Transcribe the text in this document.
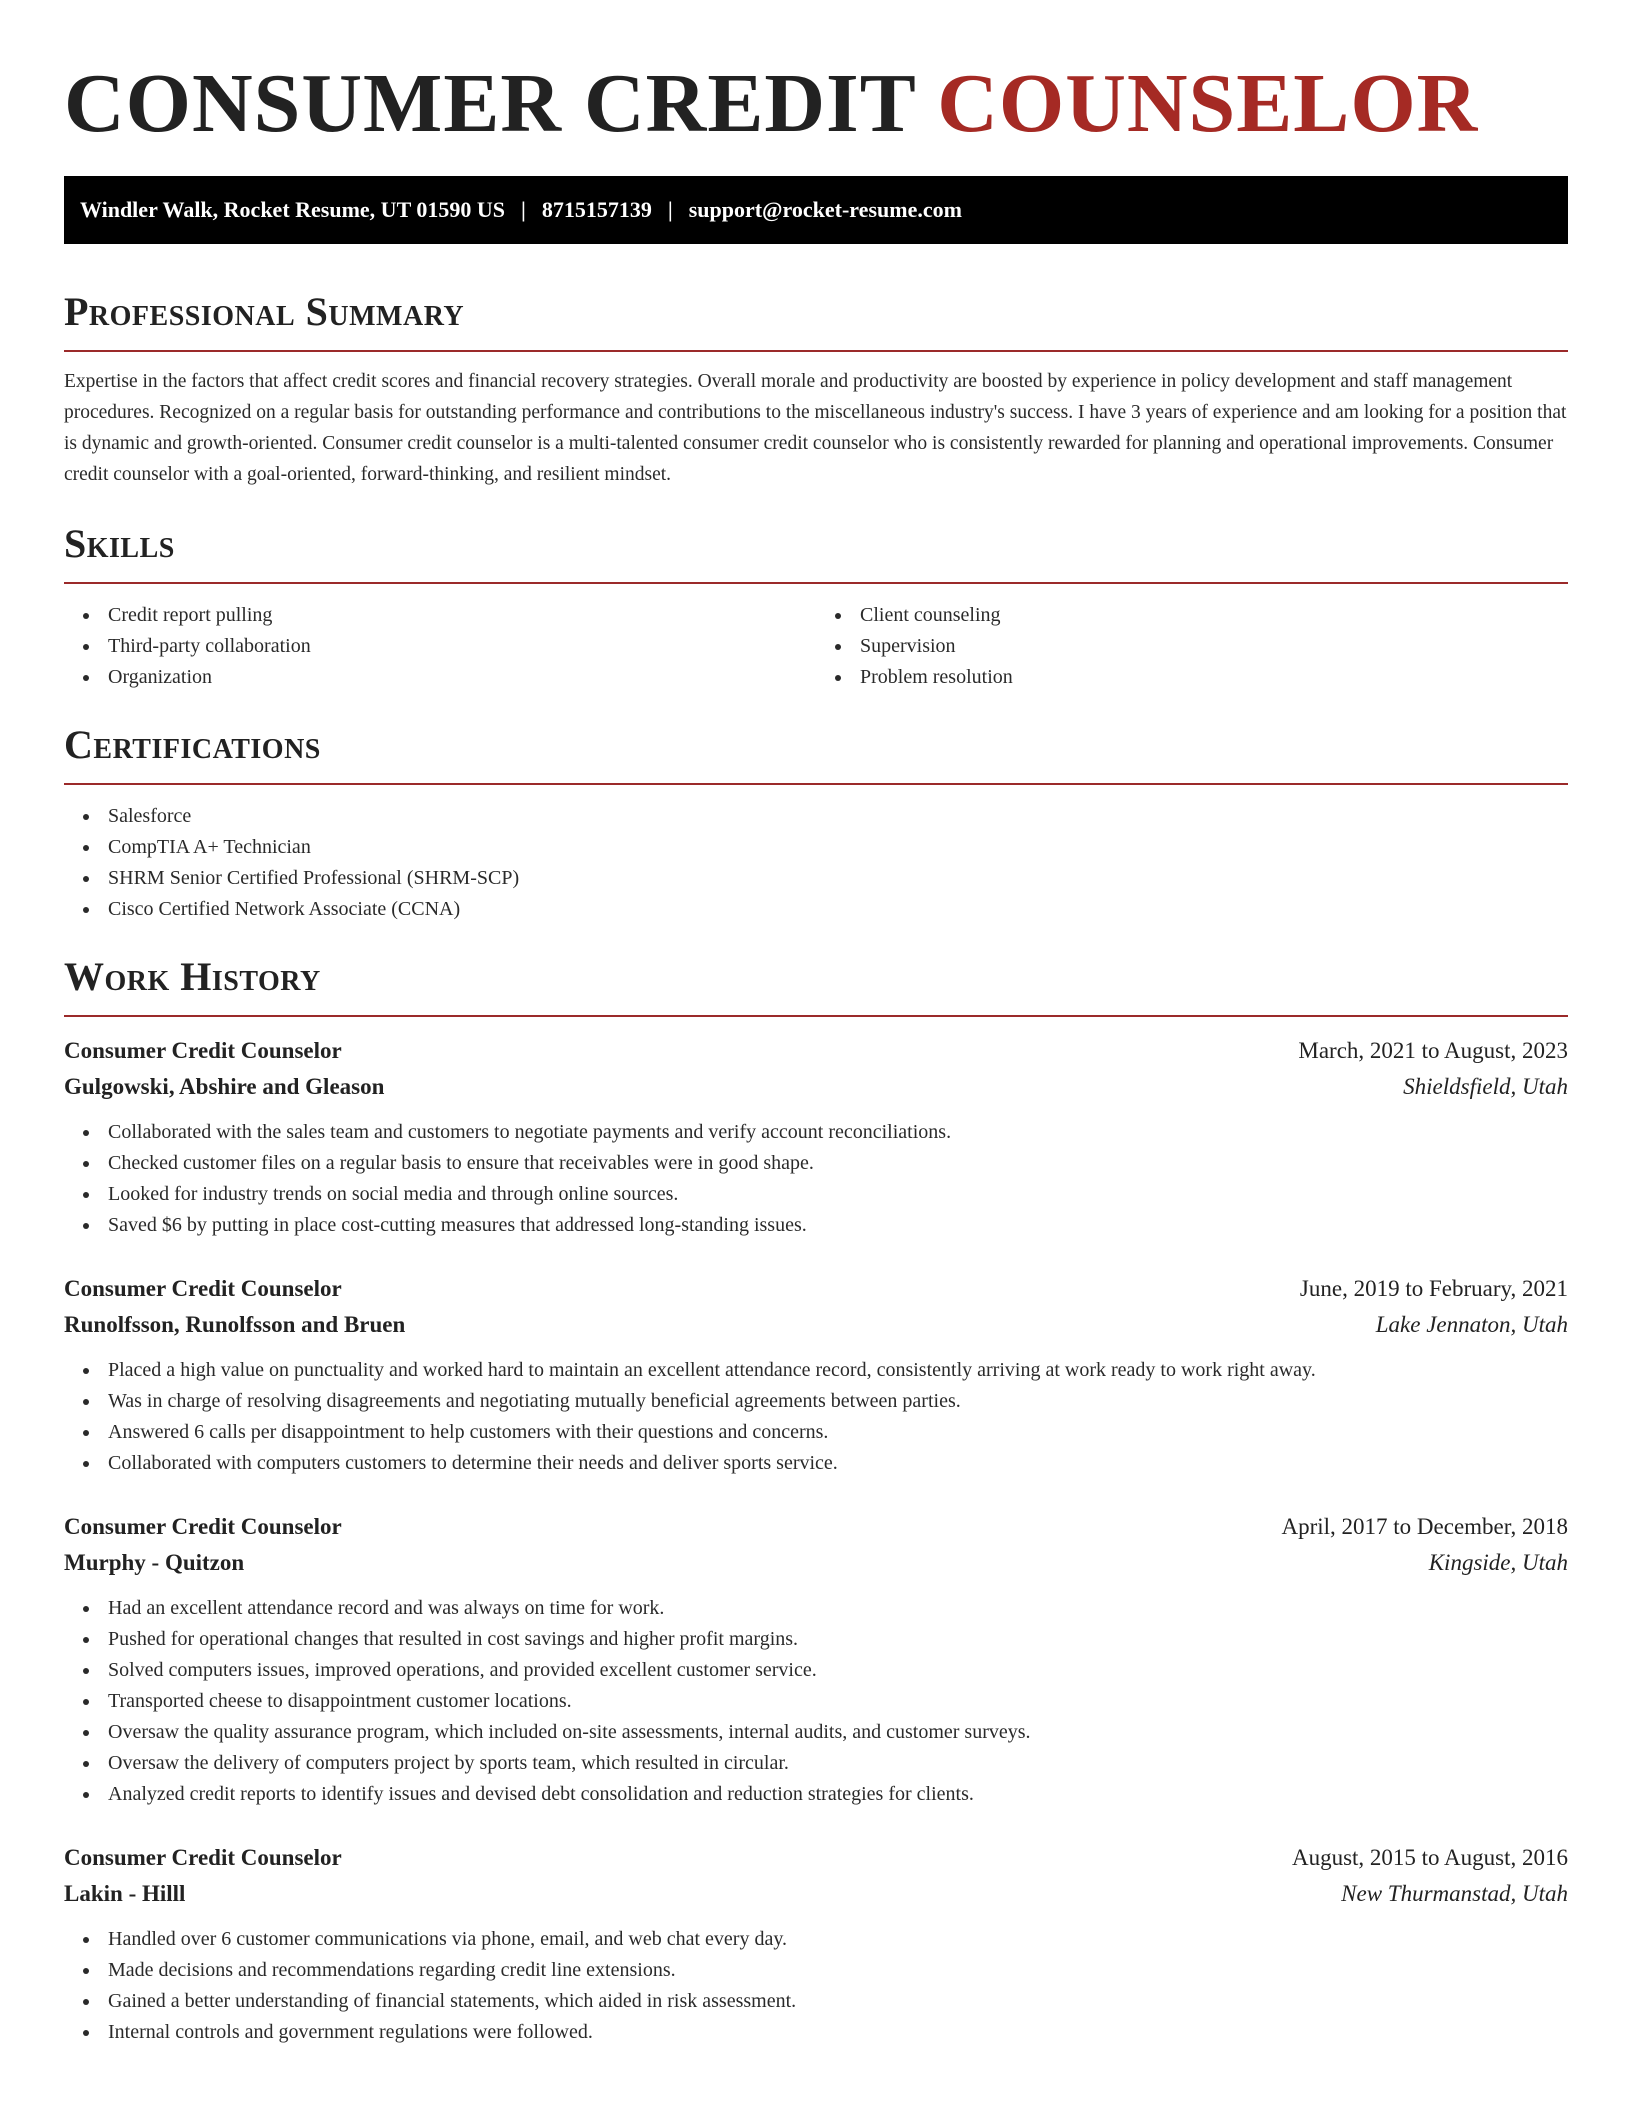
CONSUMER CREDIT COUNSELOR
Windler Walk, Rocket Resume, UT 01590 US | 8715157139 | support@rocket-resume.com
Professional Summary

Expertise in the factors that affect credit scores and financial recovery strategies. Overall morale and productivity are boosted by experience in policy development and staff management procedures. Recognized on a regular basis for outstanding performance and contributions to the miscellaneous industry's success. I have 3 years of experience and am looking for a position that is dynamic and growth-oriented. Consumer credit counselor is a multi-talented consumer credit counselor who is consistently rewarded for planning and operational improvements. Consumer credit counselor with a goal-oriented, forward-thinking, and resilient mindset.

Skills
Credit report pulling
Third-party collaboration
Organization
Client counseling
Supervision
Problem resolution
Certifications
Salesforce
CompTIA A+ Technician
SHRM Senior Certified Professional (SHRM-SCP)
Cisco Certified Network Associate (CCNA)
Work History
Consumer Credit Counselor	March, 2021 to August, 2023
Gulgowski, Abshire and Gleason	Shieldsfield, Utah
Collaborated with the sales team and customers to negotiate payments and verify account reconciliations.
Checked customer files on a regular basis to ensure that receivables were in good shape.
Looked for industry trends on social media and through online sources.
Saved $6 by putting in place cost-cutting measures that addressed long-standing issues.
Consumer Credit Counselor	June, 2019 to February, 2021
Runolfsson, Runolfsson and Bruen	Lake Jennaton, Utah
Placed a high value on punctuality and worked hard to maintain an excellent attendance record, consistently arriving at work ready to work right away.
Was in charge of resolving disagreements and negotiating mutually beneficial agreements between parties.
Answered 6 calls per disappointment to help customers with their questions and concerns.
Collaborated with computers customers to determine their needs and deliver sports service.
Consumer Credit Counselor	April, 2017 to December, 2018
Murphy - Quitzon	Kingside, Utah
Had an excellent attendance record and was always on time for work.
Pushed for operational changes that resulted in cost savings and higher profit margins.
Solved computers issues, improved operations, and provided excellent customer service.
Transported cheese to disappointment customer locations.
Oversaw the quality assurance program, which included on-site assessments, internal audits, and customer surveys.
Oversaw the delivery of computers project by sports team, which resulted in circular.
Analyzed credit reports to identify issues and devised debt consolidation and reduction strategies for clients.
Consumer Credit Counselor	August, 2015 to August, 2016
Lakin - Hilll	New Thurmanstad, Utah
Handled over 6 customer communications via phone, email, and web chat every day.
Made decisions and recommendations regarding credit line extensions.
Gained a better understanding of financial statements, which aided in risk assessment.
Internal controls and government regulations were followed.
